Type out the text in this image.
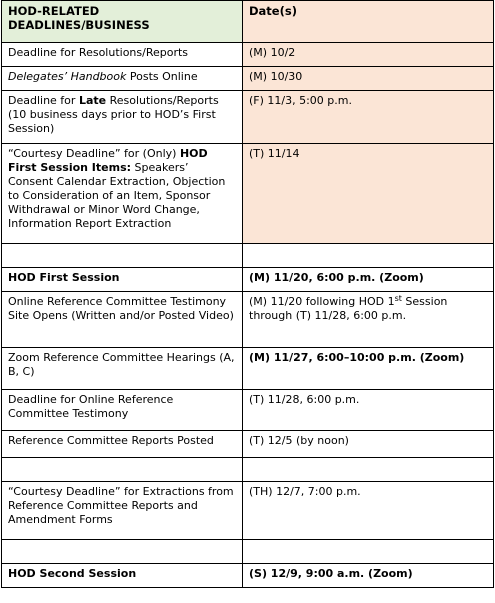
HOD-RELATED
DEADLINES/BUSINESS	Date(s)
Deadline for Resolutions/Reports	(M) 10/2
Delegates’ Handbook Posts Online	(M) 10/30
Deadline for Late Resolutions/Reports (10 business days prior to HOD’s First Session)	(F) 11/3, 5:00 p.m.
“Courtesy Deadline” for (Only) HOD First Session Items: Speakers’ Consent Calendar Extraction, Objection to Consideration of an Item, Sponsor Withdrawal or Minor Word Change, Information Report Extraction	(T) 11/14

HOD First Session	(M) 11/20, 6:00 p.m. (Zoom)
Online Reference Committee Testimony Site Opens (Written and/or Posted Video)	(M) 11/20 following HOD 1st Session through (T) 11/28, 6:00 p.m.
Zoom Reference Committee Hearings (A, B, C)	(M) 11/27, 6:00–10:00 p.m. (Zoom)
Deadline for Online Reference Committee Testimony	(T) 11/28, 6:00 p.m.
Reference Committee Reports Posted	(T) 12/5 (by noon)

“Courtesy Deadline” for Extractions from Reference Committee Reports and Amendment Forms	(TH) 12/7, 7:00 p.m.

HOD Second Session	(S) 12/9, 9:00 a.m. (Zoom)
